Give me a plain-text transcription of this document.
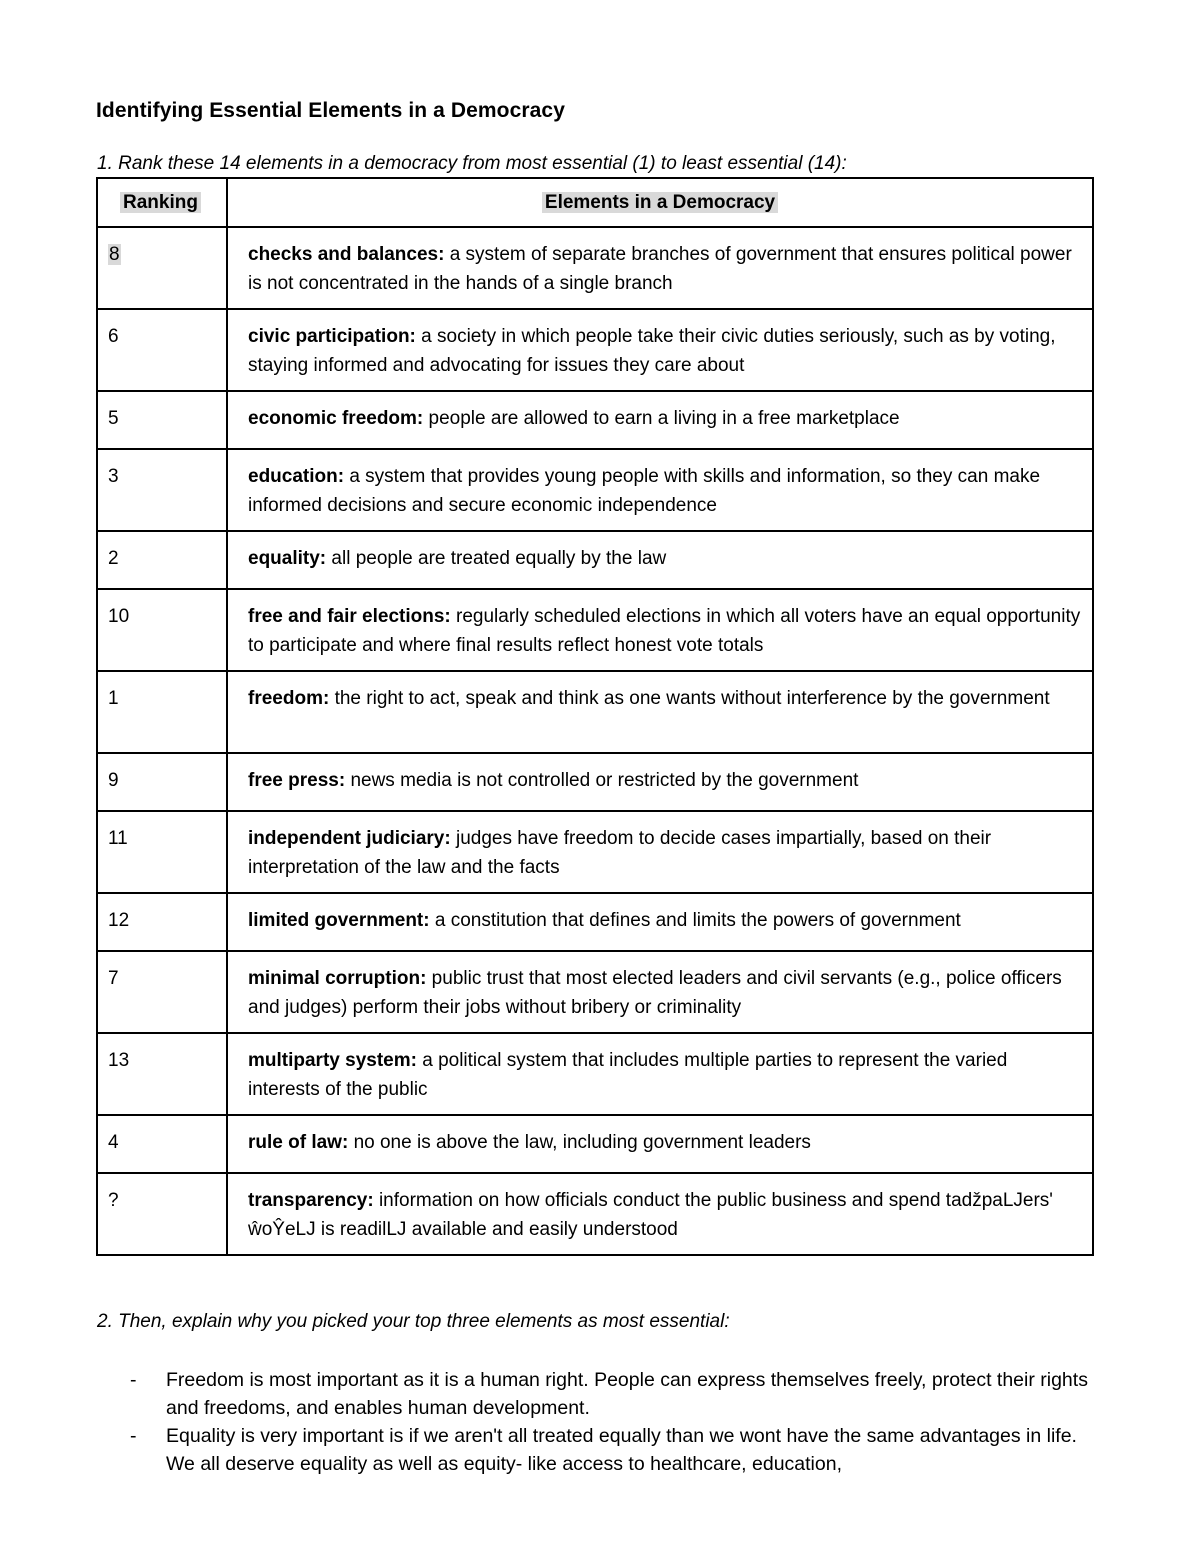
Identifying Essential Elements in a Democracy
1. Rank these 14 elements in a democracy from most essential (1) to least essential (14):
Ranking	Elements in a Democracy
8	checks and balances: a system of separate branches of government that ensures political power is not concentrated in the hands of a single branch
6	civic participation: a society in which people take their civic duties seriously, such as by voting, staying informed and advocating for issues they care about
5	economic freedom: people are allowed to earn a living in a free marketplace
3	education: a system that provides young people with skills and information, so they can make informed decisions and secure economic independence
2	equality: all people are treated equally by the law
10	free and fair elections: regularly scheduled elections in which all voters have an equal opportunity to participate and where final results reflect honest vote totals
1	freedom: the right to act, speak and think as one wants without interference by the government
9	free press: news media is not controlled or restricted by the government
11	independent judiciary: judges have freedom to decide cases impartially, based on their interpretation of the law and the facts
12	limited government: a constitution that defines and limits the powers of government
7	minimal corruption: public trust that most elected leaders and civil servants (e.g., police officers and judges) perform their jobs without bribery or criminality
13	multiparty system: a political system that includes multiple parties to represent the varied interests of the public
4	rule of law: no one is above the law, including government leaders
?	transparency: information on how officials conduct the public business and spend tadžpaLJers' ŵoŶeLJ is readilLJ available and easily understood
2. Then, explain why you picked your top three elements as most essential:
- Freedom is most important as it is a human right. People can express themselves freely, protect their rights and freedoms, and enables human development.
- Equality is very important is if we aren't all treated equally than we wont have the same advantages in life. We all deserve equality as well as equity- like access to healthcare, education,
